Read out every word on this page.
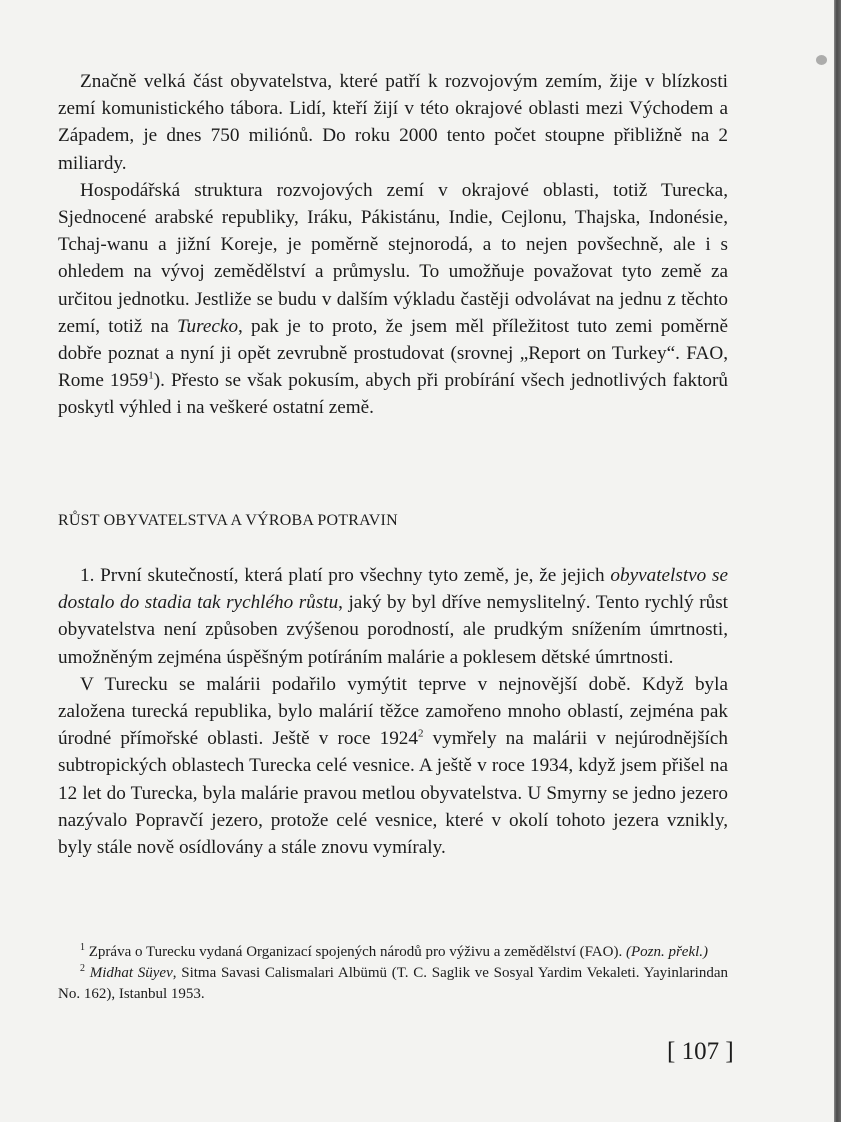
Značně velká část obyvatelstva, které patří k rozvojovým zemím, žije v blízkosti zemí komunistického tábora. Lidí, kteří žijí v této okrajové oblasti mezi Východem a Západem, je dnes 750 miliónů. Do roku 2000 tento počet stoupne přibližně na 2 miliardy.

Hospodářská struktura rozvojových zemí v okrajové oblasti, totiž Turecka, Sjednocené arabské republiky, Iráku, Pákistánu, Indie, Cejlonu, Thajska, Indonésie, Tchaj-wanu a jižní Koreje, je poměrně stejnorodá, a to nejen povšechně, ale i s ohledem na vývoj zemědělství a průmyslu. To umožňuje považovat tyto země za určitou jednotku. Jestliže se budu v dalším výkladu častěji odvolávat na jednu z těchto zemí, totiž na Turecko, pak je to proto, že jsem měl příležitost tuto zemi poměrně dobře poznat a nyní ji opět zevrubně prostudovat (srovnej „Report on Turkey“. FAO, Rome 1959$^1$). Přesto se však pokusím, abych při probírání všech jednotlivých faktorů poskytl výhled i na veškeré ostatní země.

RŮST OBYVATELSTVA A VÝROBA POTRAVIN

1. První skutečností, která platí pro všechny tyto země, je, že jejich obyvatelstvo se dostalo do stadia tak rychlého růstu, jaký by byl dříve nemyslitelný. Tento rychlý růst obyvatelstva není způsoben zvýšenou porodností, ale prudkým snížením úmrtnosti, umožněným zejména úspěšným potíráním malárie a poklesem dětské úmrtnosti.

V Turecku se malárii podařilo vymýtit teprve v nejnovější době. Když byla založena turecká republika, bylo malárií těžce zamořeno mnoho oblastí, zejména pak úrodné přímořské oblasti. Ještě v roce 1924$^2$ vymřely na malárii v nejúrodnějších subtropických oblastech Turecka celé vesnice. A ještě v roce 1934, když jsem přišel na 12 let do Turecka, byla malárie pravou metlou obyvatelstva. U Smyrny se jedno jezero nazývalo Popravčí jezero, protože celé vesnice, které v okolí tohoto jezera vznikly, byly stále nově osídlovány a stále znovu vymíraly.

$^1$ Zpráva o Turecku vydaná Organizací spojených národů pro výživu a zemědělství (FAO). (Pozn. překl.)

$^2$ Midhat Süyev, Sitma Savasi Calismalari Albümü (T. C. Saglik ve Sosyal Yardim Vekaleti. Yayinlarindan No. 162), Istanbul 1953.

[ 107 ]
